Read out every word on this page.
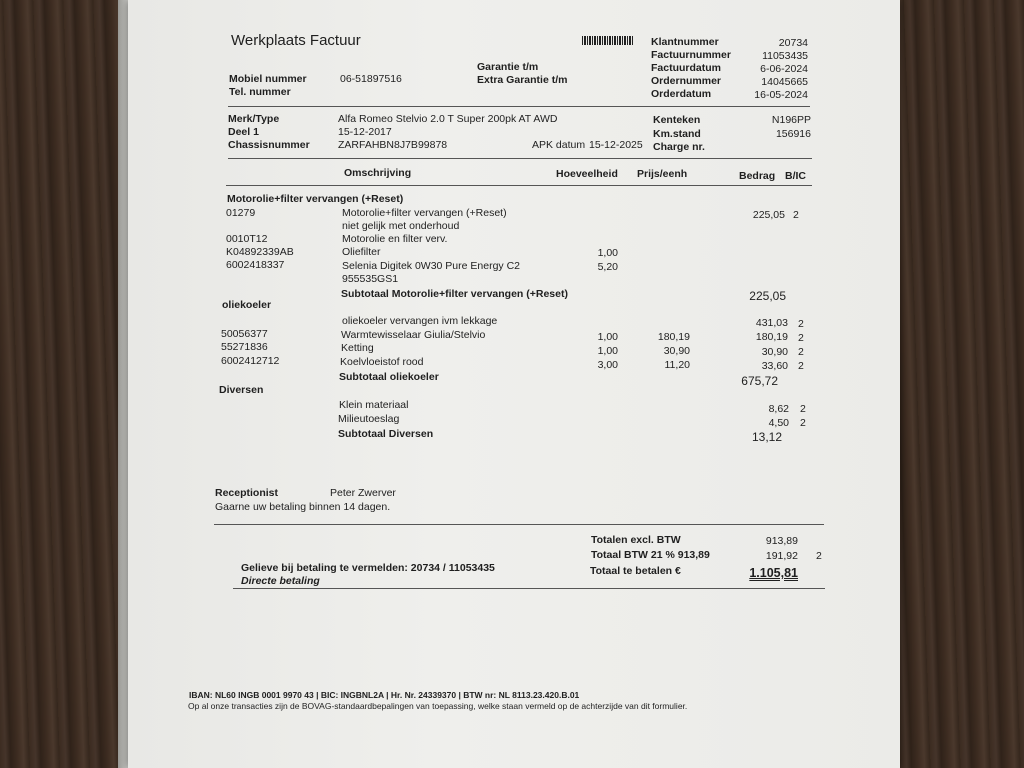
Werkplaats Factuur
Mobiel nummer	06-51897516
Tel. nummer
Garantie t/m
Extra Garantie t/m
Klantnummer	20734
Factuurnummer	11053435
Factuurdatum	6-06-2024
Ordernummer	14045665
Orderdatum	16-05-2024
Merk/Type	Alfa Romeo Stelvio 2.0 T Super 200pk AT AWD
Deel 1	15-12-2017
Chassisnummer	ZARFAHBN8J7B99878	APK datum 15-12-2025
Kenteken	N196PP
Km.stand	156916
Charge nr.
Omschrijving	Hoeveelheid Prijs/eenh	Bedrag B/IC
Motorolie+filter vervangen (+Reset)
01279	Motorolie+filter vervangen (+Reset)	225,05 2
niet gelijk met onderhoud
0010T12	Motorolie en filter verv.
K04892339AB	Oliefilter	1,00
6002418337	Selenia Digitek 0W30 Pure Energy C2	5,20
955535GS1
Subtotaal Motorolie+filter vervangen (+Reset)	225,05
oliekoeler
oliekoeler vervangen ivm lekkage	431,03 2
50056377	Warmtewisselaar Giulia/Stelvio	1,00	180,19	180,19 2
55271836	Ketting	1,00	30,90	30,90 2
6002412712	Koelvloeistof rood	3,00	11,20	33,60 2
Subtotaal oliekoeler	675,72
Diversen
Klein materiaal	8,62 2
Milieutoeslag	4,50 2
Subtotaal Diversen	13,12
Receptionist	Peter Zwerver
Gaarne uw betaling binnen 14 dagen.
Totalen excl. BTW	913,89
Totaal BTW 21 % 913,89	191,92 2
Totaal te betalen €	1.105,81
Gelieve bij betaling te vermelden: 20734 / 11053435
Directe betaling
IBAN: NL60 INGB 0001 9970 43 | BIC: INGBNL2A | Hr. Nr. 24339370 | BTW nr: NL 8113.23.420.B.01
Op al onze transacties zijn de BOVAG-standaardbepalingen van toepassing, welke staan vermeld op de achterzijde van dit formulier.
